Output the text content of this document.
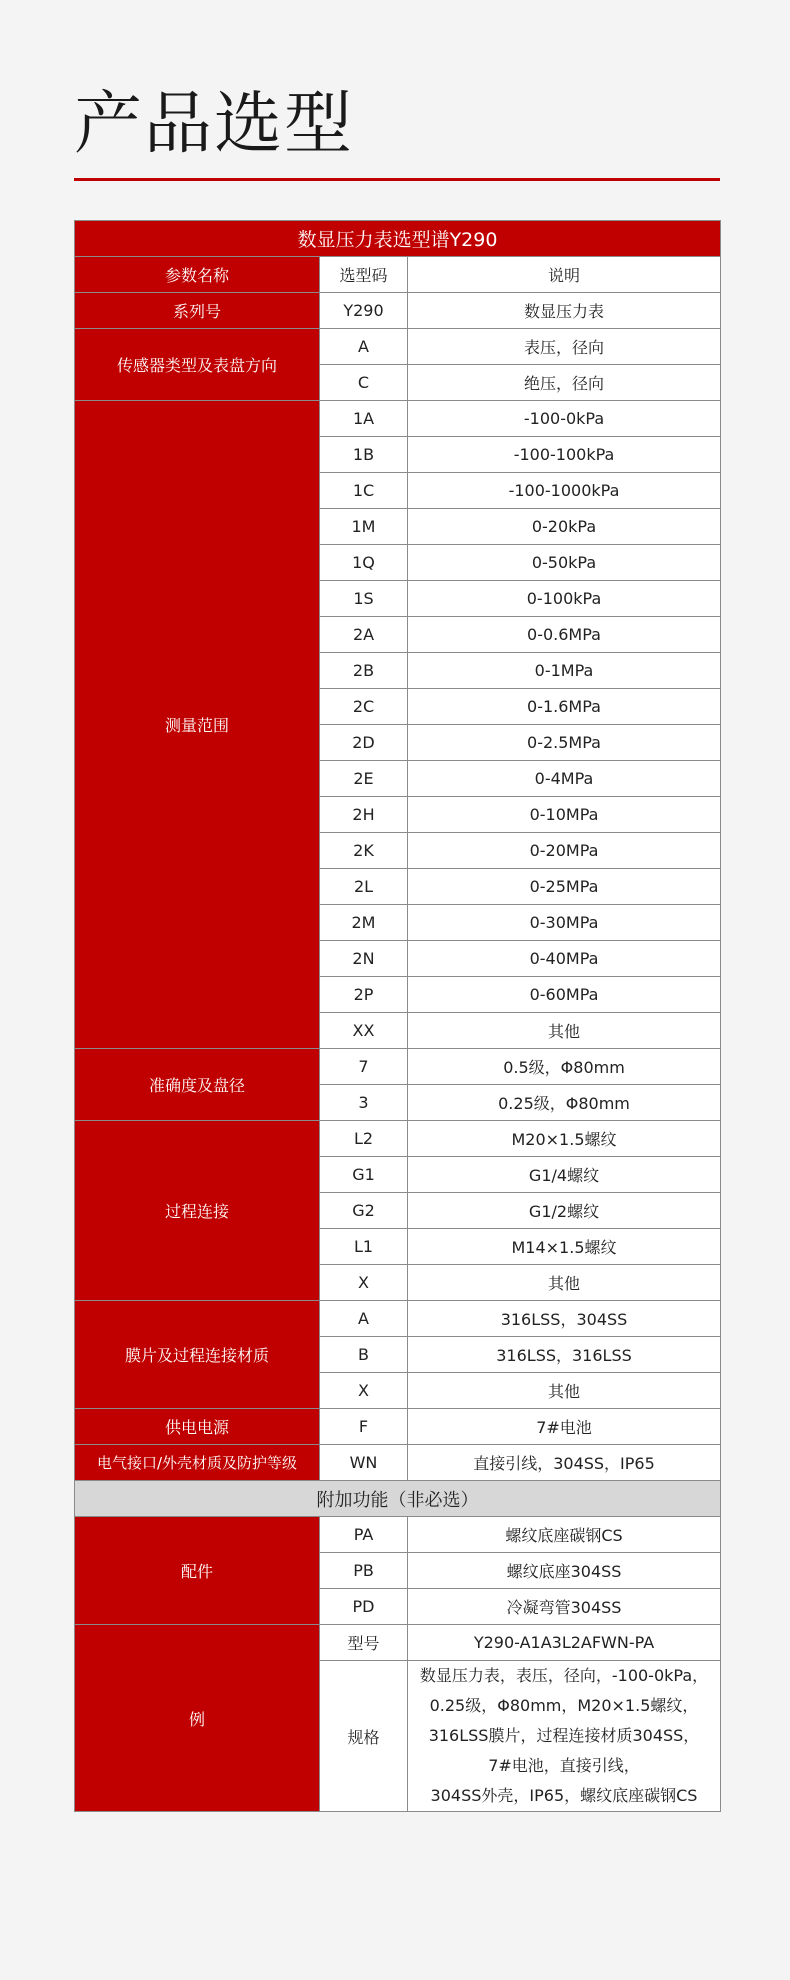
产品选型
数显压力表选型谱Y290		
参数名称	选型码	说明
系列号	Y290	数显压力表
传感器类型及表盘方向	A	表压，径向
	C	绝压，径向
测量范围	1A	-100-0kPa
	1B	-100-100kPa
	1C	-100-1000kPa
	1M	0-20kPa
	1Q	0-50kPa
	1S	0-100kPa
	2A	0-0.6MPa
	2B	0-1MPa
	2C	0-1.6MPa
	2D	0-2.5MPa
	2E	0-4MPa
	2H	0-10MPa
	2K	0-20MPa
	2L	0-25MPa
	2M	0-30MPa
	2N	0-40MPa
	2P	0-60MPa
	XX	其他
准确度及盘径	7	0.5级，Φ80mm
	3	0.25级，Φ80mm
过程连接	L2	M20×1.5螺纹
	G1	G1/4螺纹
	G2	G1/2螺纹
	L1	M14×1.5螺纹
	X	其他
膜片及过程连接材质	A	316LSS，304SS
	B	316LSS，316LSS
	X	其他
供电电源	F	7#电池
电气接口/外壳材质及防护等级	WN	直接引线，304SS，IP65
附加功能（非必选）		
配件	PA	螺纹底座碳钢CS
	PB	螺纹底座304SS
	PD	冷凝弯管304SS
例	型号	Y290-A1A3L2AFWN-PA
	规格	数显压力表，表压，径向，-100-0kPa，
0.25级，Φ80mm，M20×1.5螺纹，
316LSS膜片，过程连接材质304SS，
7#电池，直接引线，
304SS外壳，IP65，螺纹底座碳钢CS
